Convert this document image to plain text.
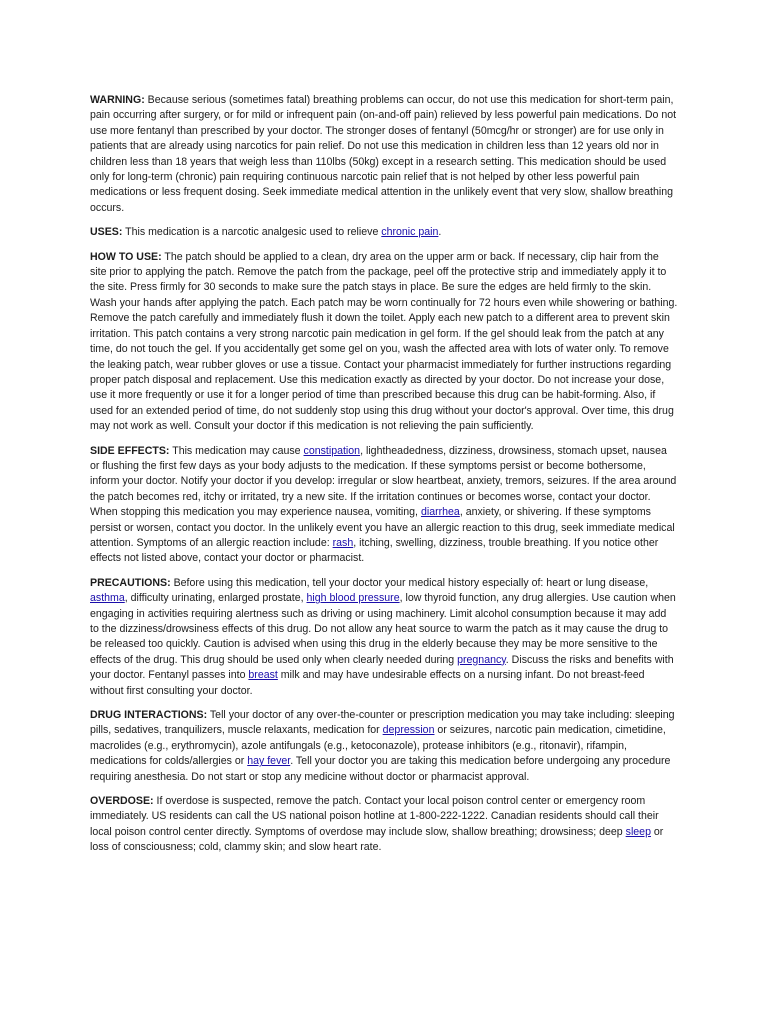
WARNING: Because serious (sometimes fatal) breathing problems can occur, do not use this medication for short-term pain, pain occurring after surgery, or for mild or infrequent pain (on-and-off pain) relieved by less powerful pain medications. Do not use more fentanyl than prescribed by your doctor. The stronger doses of fentanyl (50mcg/hr or stronger) are for use only in patients that are already using narcotics for pain relief. Do not use this medication in children less than 12 years old nor in children less than 18 years that weigh less than 110lbs (50kg) except in a research setting. This medication should be used only for long-term (chronic) pain requiring continuous narcotic pain relief that is not helped by other less powerful pain medications or less frequent dosing. Seek immediate medical attention in the unlikely event that very slow, shallow breathing occurs.

USES: This medication is a narcotic analgesic used to relieve chronic pain.

HOW TO USE: The patch should be applied to a clean, dry area on the upper arm or back. If necessary, clip hair from the site prior to applying the patch. Remove the patch from the package, peel off the protective strip and immediately apply it to the site. Press firmly for 30 seconds to make sure the patch stays in place. Be sure the edges are held firmly to the skin. Wash your hands after applying the patch. Each patch may be worn continually for 72 hours even while showering or bathing. Remove the patch carefully and immediately flush it down the toilet. Apply each new patch to a different area to prevent skin irritation. This patch contains a very strong narcotic pain medication in gel form. If the gel should leak from the patch at any time, do not touch the gel. If you accidentally get some gel on you, wash the affected area with lots of water only. To remove the leaking patch, wear rubber gloves or use a tissue. Contact your pharmacist immediately for further instructions regarding proper patch disposal and replacement. Use this medication exactly as directed by your doctor. Do not increase your dose, use it more frequently or use it for a longer period of time than prescribed because this drug can be habit-forming. Also, if used for an extended period of time, do not suddenly stop using this drug without your doctor's approval. Over time, this drug may not work as well. Consult your doctor if this medication is not relieving the pain sufficiently.

SIDE EFFECTS: This medication may cause constipation, lightheadedness, dizziness, drowsiness, stomach upset, nausea or flushing the first few days as your body adjusts to the medication. If these symptoms persist or become bothersome, inform your doctor. Notify your doctor if you develop: irregular or slow heartbeat, anxiety, tremors, seizures. If the area around the patch becomes red, itchy or irritated, try a new site. If the irritation continues or becomes worse, contact your doctor. When stopping this medication you may experience nausea, vomiting, diarrhea, anxiety, or shivering. If these symptoms persist or worsen, contact you doctor. In the unlikely event you have an allergic reaction to this drug, seek immediate medical attention. Symptoms of an allergic reaction include: rash, itching, swelling, dizziness, trouble breathing. If you notice other effects not listed above, contact your doctor or pharmacist.

PRECAUTIONS: Before using this medication, tell your doctor your medical history especially of: heart or lung disease, asthma, difficulty urinating, enlarged prostate, high blood pressure, low thyroid function, any drug allergies. Use caution when engaging in activities requiring alertness such as driving or using machinery. Limit alcohol consumption because it may add to the dizziness/drowsiness effects of this drug. Do not allow any heat source to warm the patch as it may cause the drug to be released too quickly. Caution is advised when using this drug in the elderly because they may be more sensitive to the effects of the drug. This drug should be used only when clearly needed during pregnancy. Discuss the risks and benefits with your doctor. Fentanyl passes into breast milk and may have undesirable effects on a nursing infant. Do not breast-feed without first consulting your doctor.

DRUG INTERACTIONS: Tell your doctor of any over-the-counter or prescription medication you may take including: sleeping pills, sedatives, tranquilizers, muscle relaxants, medication for depression or seizures, narcotic pain medication, cimetidine, macrolides (e.g., erythromycin), azole antifungals (e.g., ketoconazole), protease inhibitors (e.g., ritonavir), rifampin, medications for colds/allergies or hay fever. Tell your doctor you are taking this medication before undergoing any procedure requiring anesthesia. Do not start or stop any medicine without doctor or pharmacist approval.

OVERDOSE: If overdose is suspected, remove the patch. Contact your local poison control center or emergency room immediately. US residents can call the US national poison hotline at 1-800-222-1222. Canadian residents should call their local poison control center directly. Symptoms of overdose may include slow, shallow breathing; drowsiness; deep sleep or loss of consciousness; cold, clammy skin; and slow heart rate.
